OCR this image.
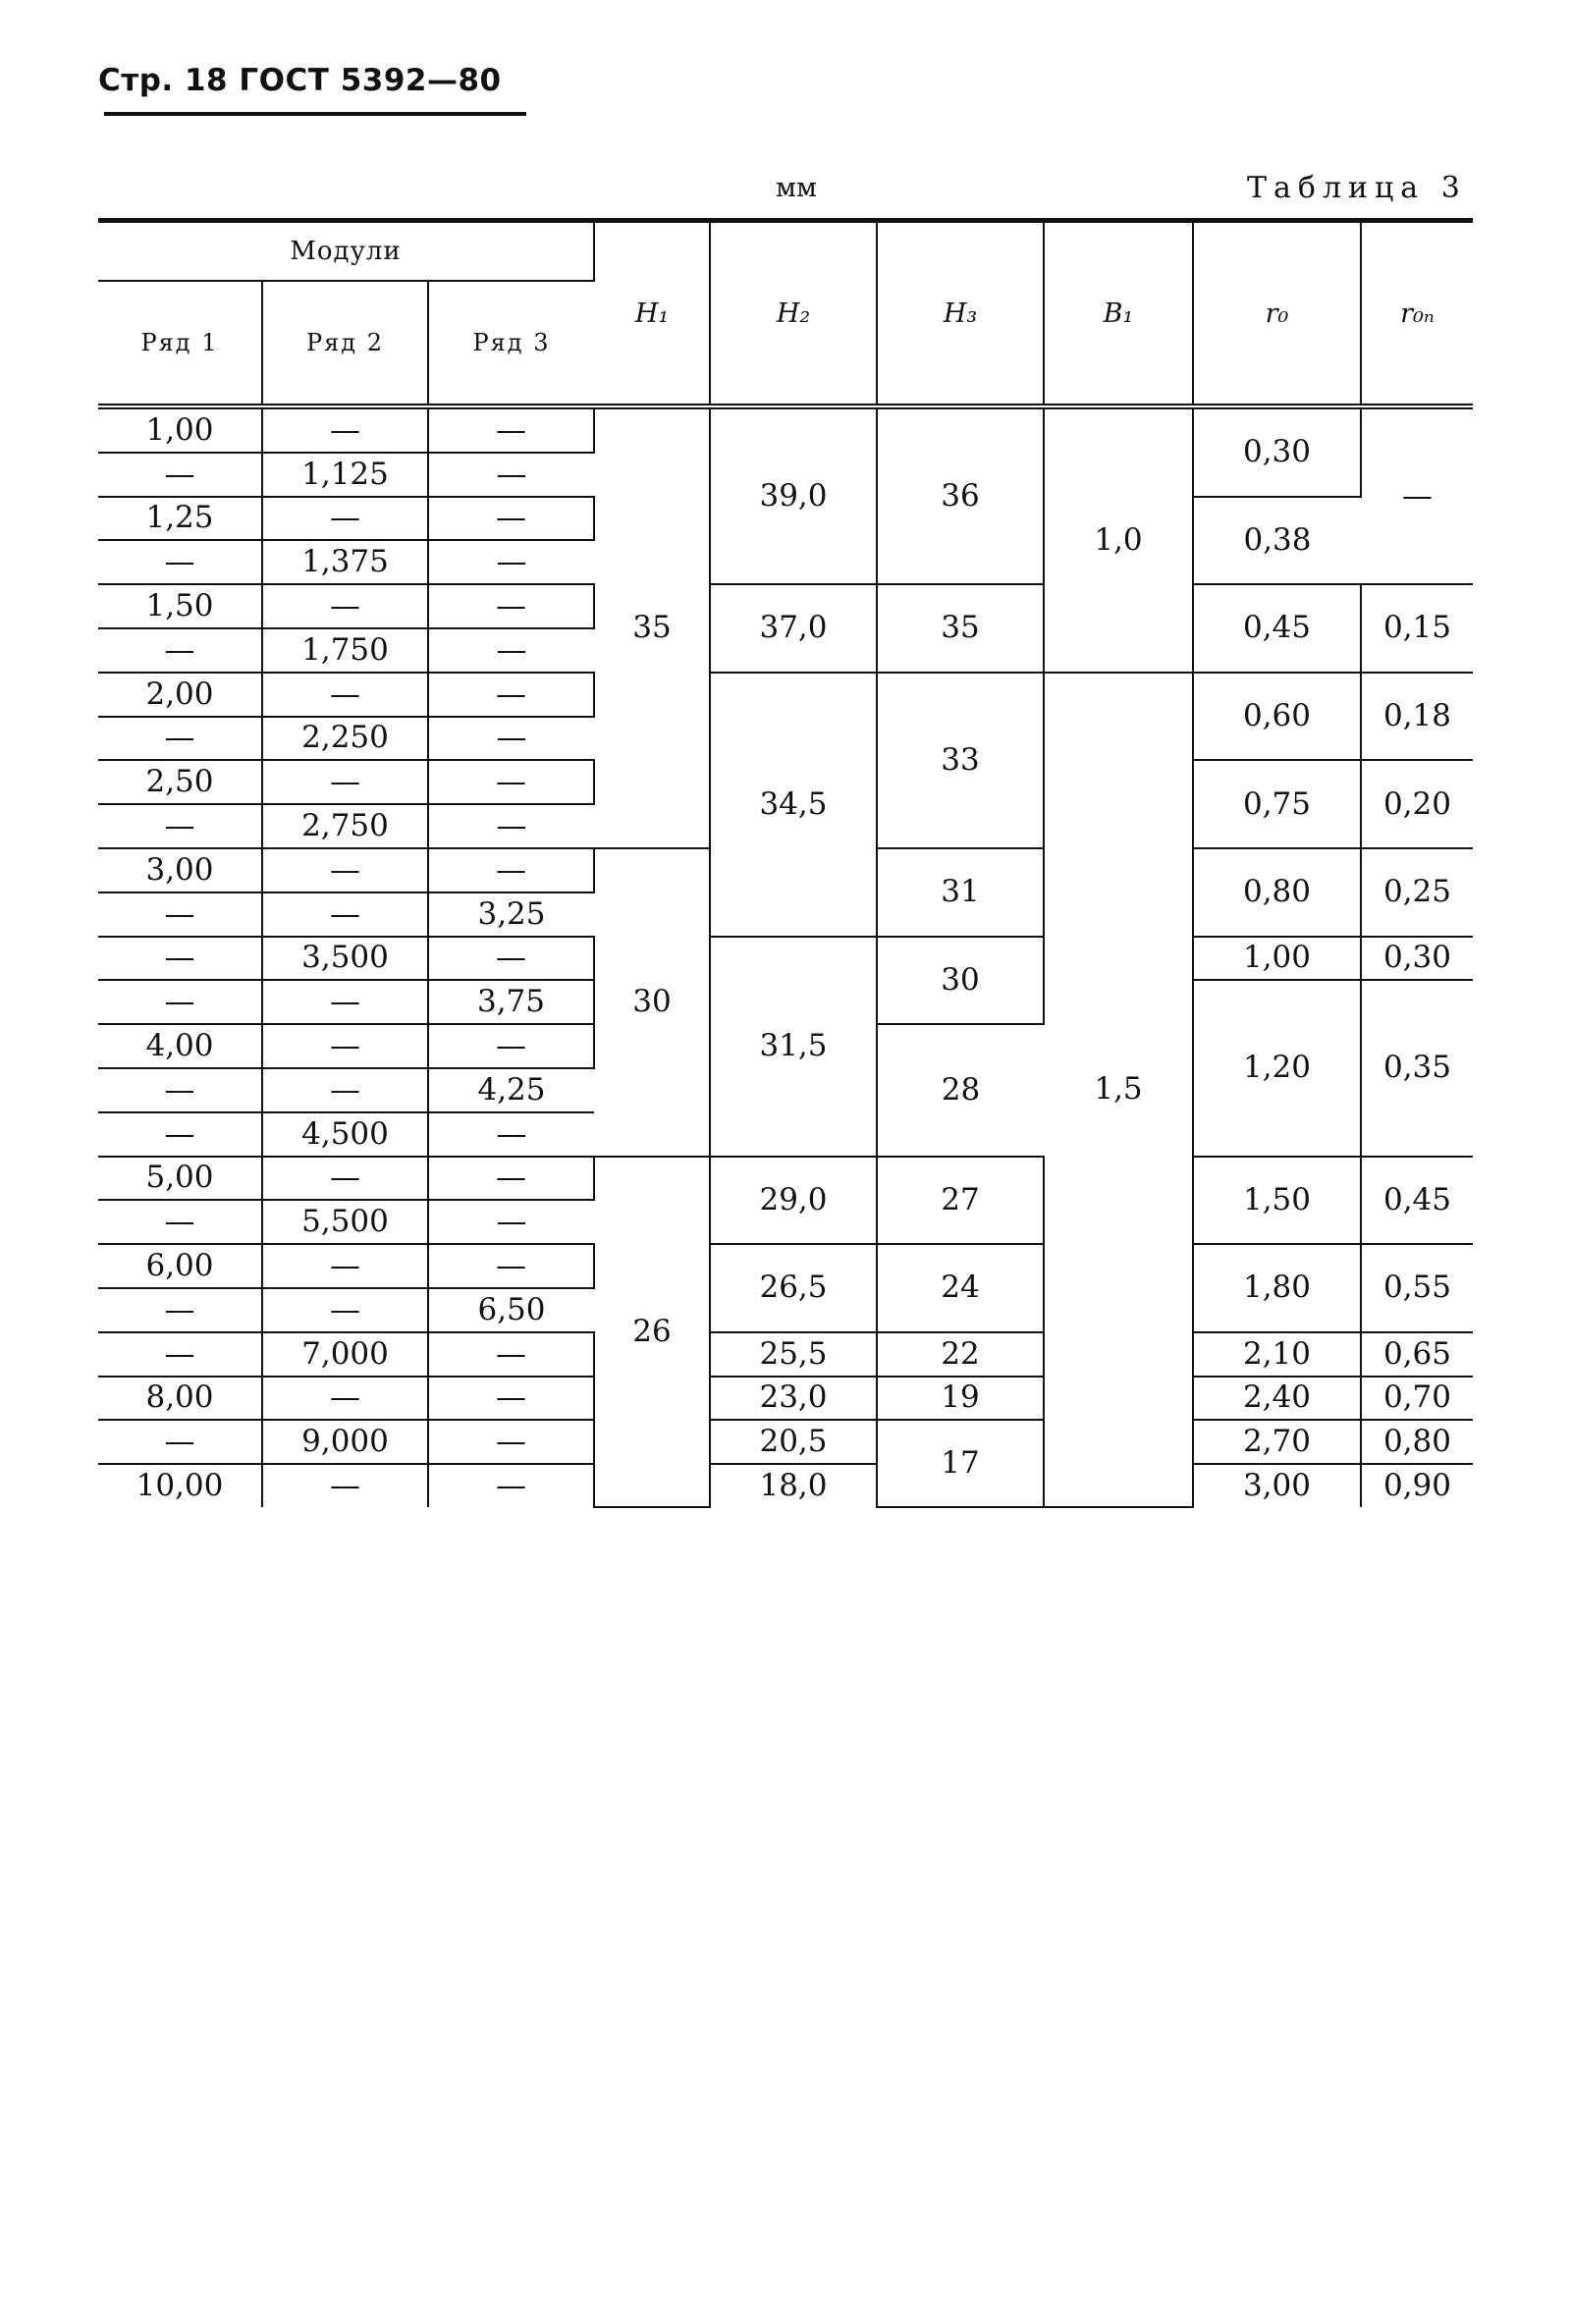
Стр. 18 ГОСТ 5392—80
мм	Таблица 3
Модули			H₁	H₂	H₃	B₁	r₀	r₀ₙ
Ряд 1	Ряд 2	Ряд 3						
1,00	—	—	35	39,0	36	1,0	0,30	—
—	1,125	—						
1,25	—	—					0,38	
—	1,375	—						
1,50	—	—		37,0	35		0,45	0,15
—	1,750	—						
2,00	—	—		34,5	33	1,5	0,60	0,18
—	2,250	—						
2,50	—	—					0,75	0,20
—	2,750	—						
3,00	—	—	30		31		0,80	0,25
—	—	3,25						
—	3,500	—		31,5	30		1,00	0,30
—	—	3,75					1,20	0,35
4,00	—	—			28			
—	—	4,25						
—	4,500	—						
5,00	—	—	26	29,0	27		1,50	0,45
—	5,500	—						
6,00	—	—		26,5	24		1,80	0,55
—	—	6,50						
—	7,000	—		25,5	22		2,10	0,65
8,00	—	—		23,0	19		2,40	0,70
—	9,000	—		20,5	17		2,70	0,80
10,00	—	—		18,0			3,00	0,90
